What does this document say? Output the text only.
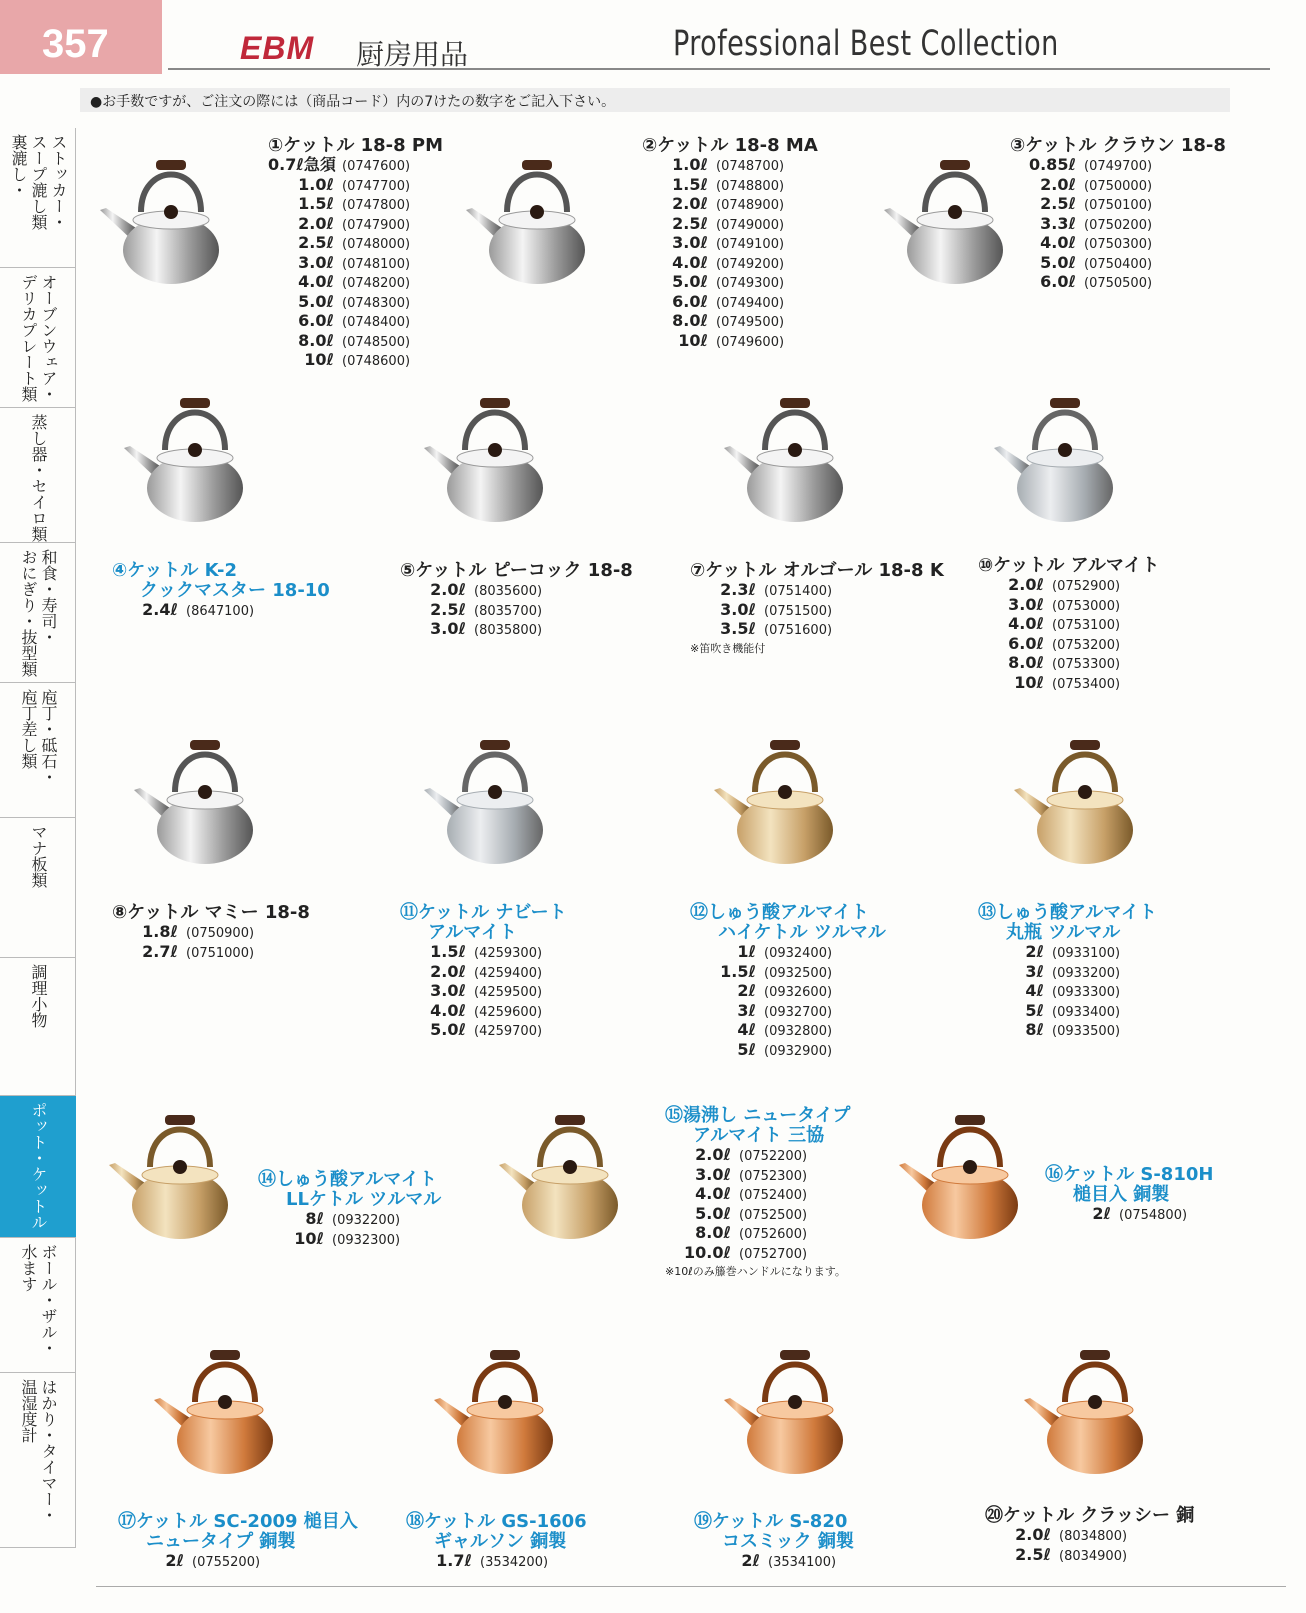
357	EBM 厨房用品	Professional Best Collection
●お手数ですが、ご注文の際には（商品コード）内の7けたの数字をご記入下さい。
ストッカー・
スープ漉し類
裏漉し・
オーブンウェア・
デリカプレート類
蒸し器・セイロ類
和食・寿司・
おにぎり・抜型類
庖丁・砥石・
庖丁差し類
マナ板類
調理小物
ポット・ケットル
ボール・ザル・
水ます
はかり・タイマー・
温湿度計
①ケットル 18-8 PM
0.7ℓ急須 (0747600)
1.0ℓ (0747700)
1.5ℓ (0747800)
2.0ℓ (0747900)
2.5ℓ (0748000)
3.0ℓ (0748100)
4.0ℓ (0748200)
5.0ℓ (0748300)
6.0ℓ (0748400)
8.0ℓ (0748500)
10ℓ (0748600)
②ケットル 18-8 MA
1.0ℓ (0748700)
1.5ℓ (0748800)
2.0ℓ (0748900)
2.5ℓ (0749000)
3.0ℓ (0749100)
4.0ℓ (0749200)
5.0ℓ (0749300)
6.0ℓ (0749400)
8.0ℓ (0749500)
10ℓ (0749600)
③ケットル クラウン 18-8
0.85ℓ (0749700)
2.0ℓ (0750000)
2.5ℓ (0750100)
3.3ℓ (0750200)
4.0ℓ (0750300)
5.0ℓ (0750400)
6.0ℓ (0750500)
④ケットル K-2
クックマスター 18-10
2.4ℓ (8647100)
⑤ケットル ピーコック 18-8
2.0ℓ (8035600)
2.5ℓ (8035700)
3.0ℓ (8035800)
⑦ケットル オルゴール 18-8 K
2.3ℓ (0751400)
3.0ℓ (0751500)
3.5ℓ (0751600)
※笛吹き機能付
⑩ケットル アルマイト
2.0ℓ (0752900)
3.0ℓ (0753000)
4.0ℓ (0753100)
6.0ℓ (0753200)
8.0ℓ (0753300)
10ℓ (0753400)
⑧ケットル マミー 18-8
1.8ℓ (0750900)
2.7ℓ (0751000)
⑪ケットル ナビート
アルマイト
1.5ℓ (4259300)
2.0ℓ (4259400)
3.0ℓ (4259500)
4.0ℓ (4259600)
5.0ℓ (4259700)
⑫しゅう酸アルマイト
ハイケトル ツルマル
1ℓ (0932400)
1.5ℓ (0932500)
2ℓ (0932600)
3ℓ (0932700)
4ℓ (0932800)
5ℓ (0932900)
⑬しゅう酸アルマイト
丸瓶 ツルマル
2ℓ (0933100)
3ℓ (0933200)
4ℓ (0933300)
5ℓ (0933400)
8ℓ (0933500)
⑭しゅう酸アルマイト
LLケトル ツルマル
8ℓ (0932200)
10ℓ (0932300)
⑮湯沸し ニュータイプ
アルマイト 三協
2.0ℓ (0752200)
3.0ℓ (0752300)
4.0ℓ (0752400)
5.0ℓ (0752500)
8.0ℓ (0752600)
10.0ℓ (0752700)
※10ℓのみ籐巻ハンドルになります。
⑯ケットル S-810H
槌目入 銅製
2ℓ (0754800)
⑰ケットル SC-2009 槌目入
ニュータイプ 銅製
2ℓ (0755200)
⑱ケットル GS-1606
ギャルソン 銅製
1.7ℓ (3534200)
⑲ケットル S-820
コスミック 銅製
2ℓ (3534100)
⑳ケットル クラッシー 銅
2.0ℓ (8034800)
2.5ℓ (8034900)
